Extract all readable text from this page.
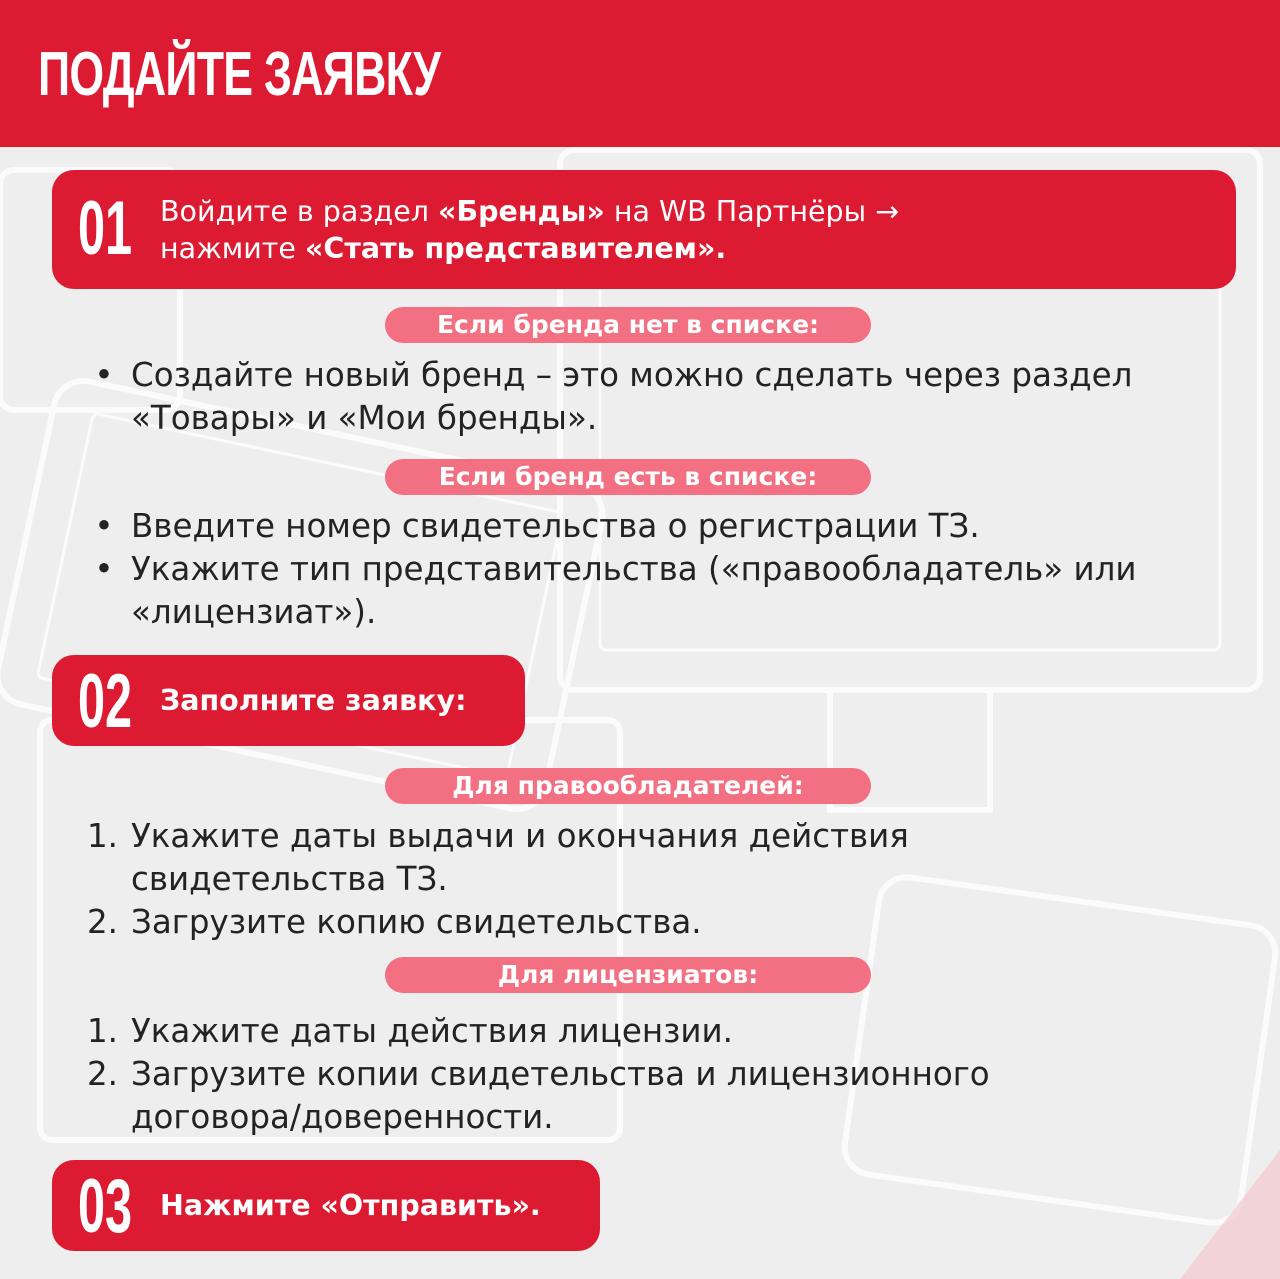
ПОДАЙТЕ ЗАЯВКУ
01 Войдите в раздел «Бренды» на WB Партнёры →
нажмите «Стать представителем».
Если бренда нет в списке:
• Создайте новый бренд – это можно сделать через раздел
«Товары» и «Мои бренды».
Если бренд есть в списке:
• Введите номер свидетельства о регистрации ТЗ.
• Укажите тип представительства («правообладатель» или
«лицензиат»).
02 Заполните заявку:
Для правообладателей:
1. Укажите даты выдачи и окончания действия
свидетельства ТЗ.
2. Загрузите копию свидетельства.
Для лицензиатов:
1. Укажите даты действия лицензии.
2. Загрузите копии свидетельства и лицензионного
договора/доверенности.
03 Нажмите «Отправить».
